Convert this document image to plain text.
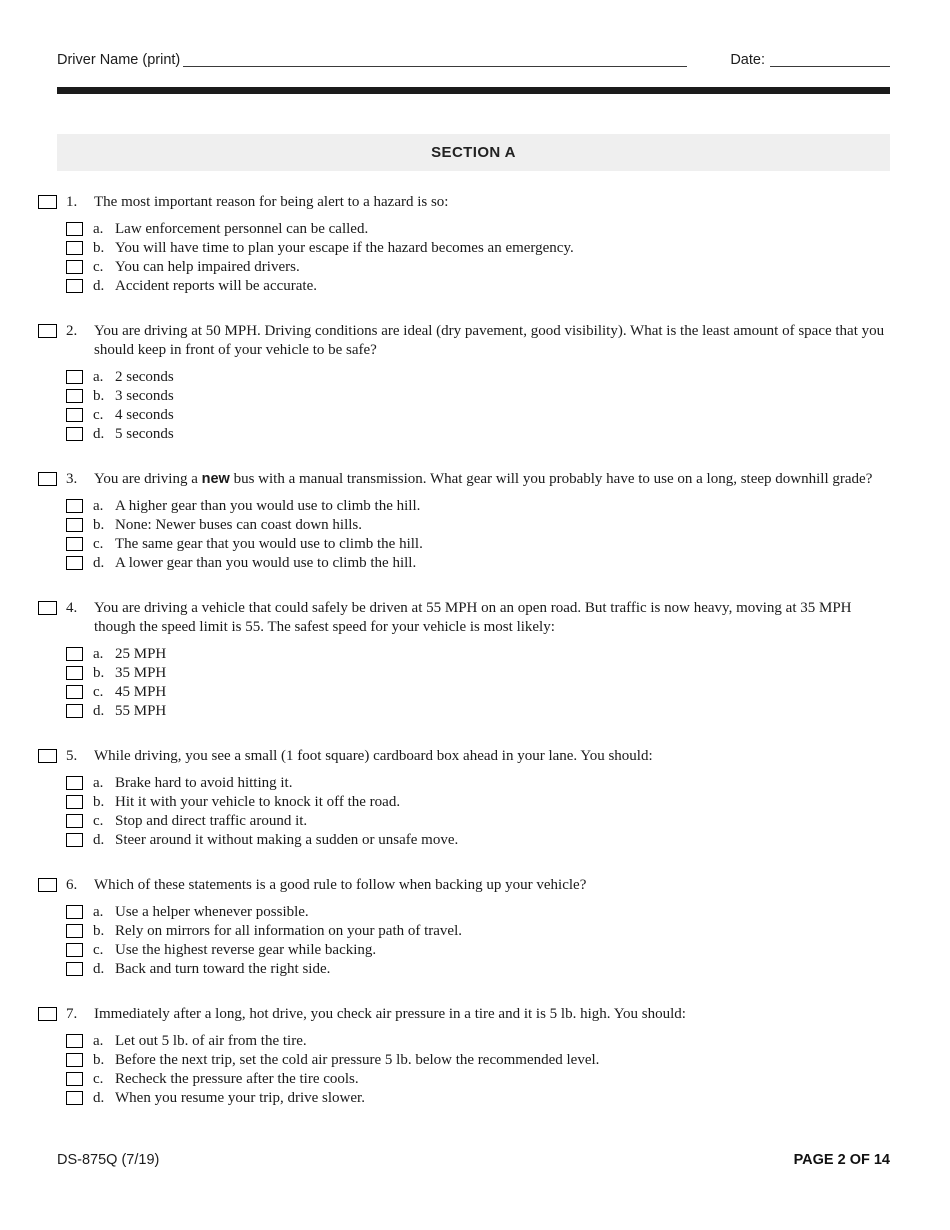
Driver Name (print)	Date:
SECTION A
1.	The most important reason for being alert to a hazard is so:
a. Law enforcement personnel can be called.
b. You will have time to plan your escape if the hazard becomes an emergency.
c. You can help impaired drivers.
d. Accident reports will be accurate.
2.	You are driving at 50 MPH. Driving conditions are ideal (dry pavement, good visibility). What is the least amount of space that you should keep in front of your vehicle to be safe?
a. 2 seconds
b. 3 seconds
c. 4 seconds
d. 5 seconds
3.	You are driving a new bus with a manual transmission. What gear will you probably have to use on a long, steep downhill grade?
a. A higher gear than you would use to climb the hill.
b. None: Newer buses can coast down hills.
c. The same gear that you would use to climb the hill.
d. A lower gear than you would use to climb the hill.
4.	You are driving a vehicle that could safely be driven at 55 MPH on an open road. But traffic is now heavy, moving at 35 MPH though the speed limit is 55. The safest speed for your vehicle is most likely:
a. 25 MPH
b. 35 MPH
c. 45 MPH
d. 55 MPH
5.	While driving, you see a small (1 foot square) cardboard box ahead in your lane. You should:
a. Brake hard to avoid hitting it.
b. Hit it with your vehicle to knock it off the road.
c. Stop and direct traffic around it.
d. Steer around it without making a sudden or unsafe move.
6.	Which of these statements is a good rule to follow when backing up your vehicle?
a. Use a helper whenever possible.
b. Rely on mirrors for all information on your path of travel.
c. Use the highest reverse gear while backing.
d. Back and turn toward the right side.
7.	Immediately after a long, hot drive, you check air pressure in a tire and it is 5 lb. high. You should:
a. Let out 5 lb. of air from the tire.
b. Before the next trip, set the cold air pressure 5 lb. below the recommended level.
c. Recheck the pressure after the tire cools.
d. When you resume your trip, drive slower.
DS-875Q (7/19)	PAGE 2 OF 14
